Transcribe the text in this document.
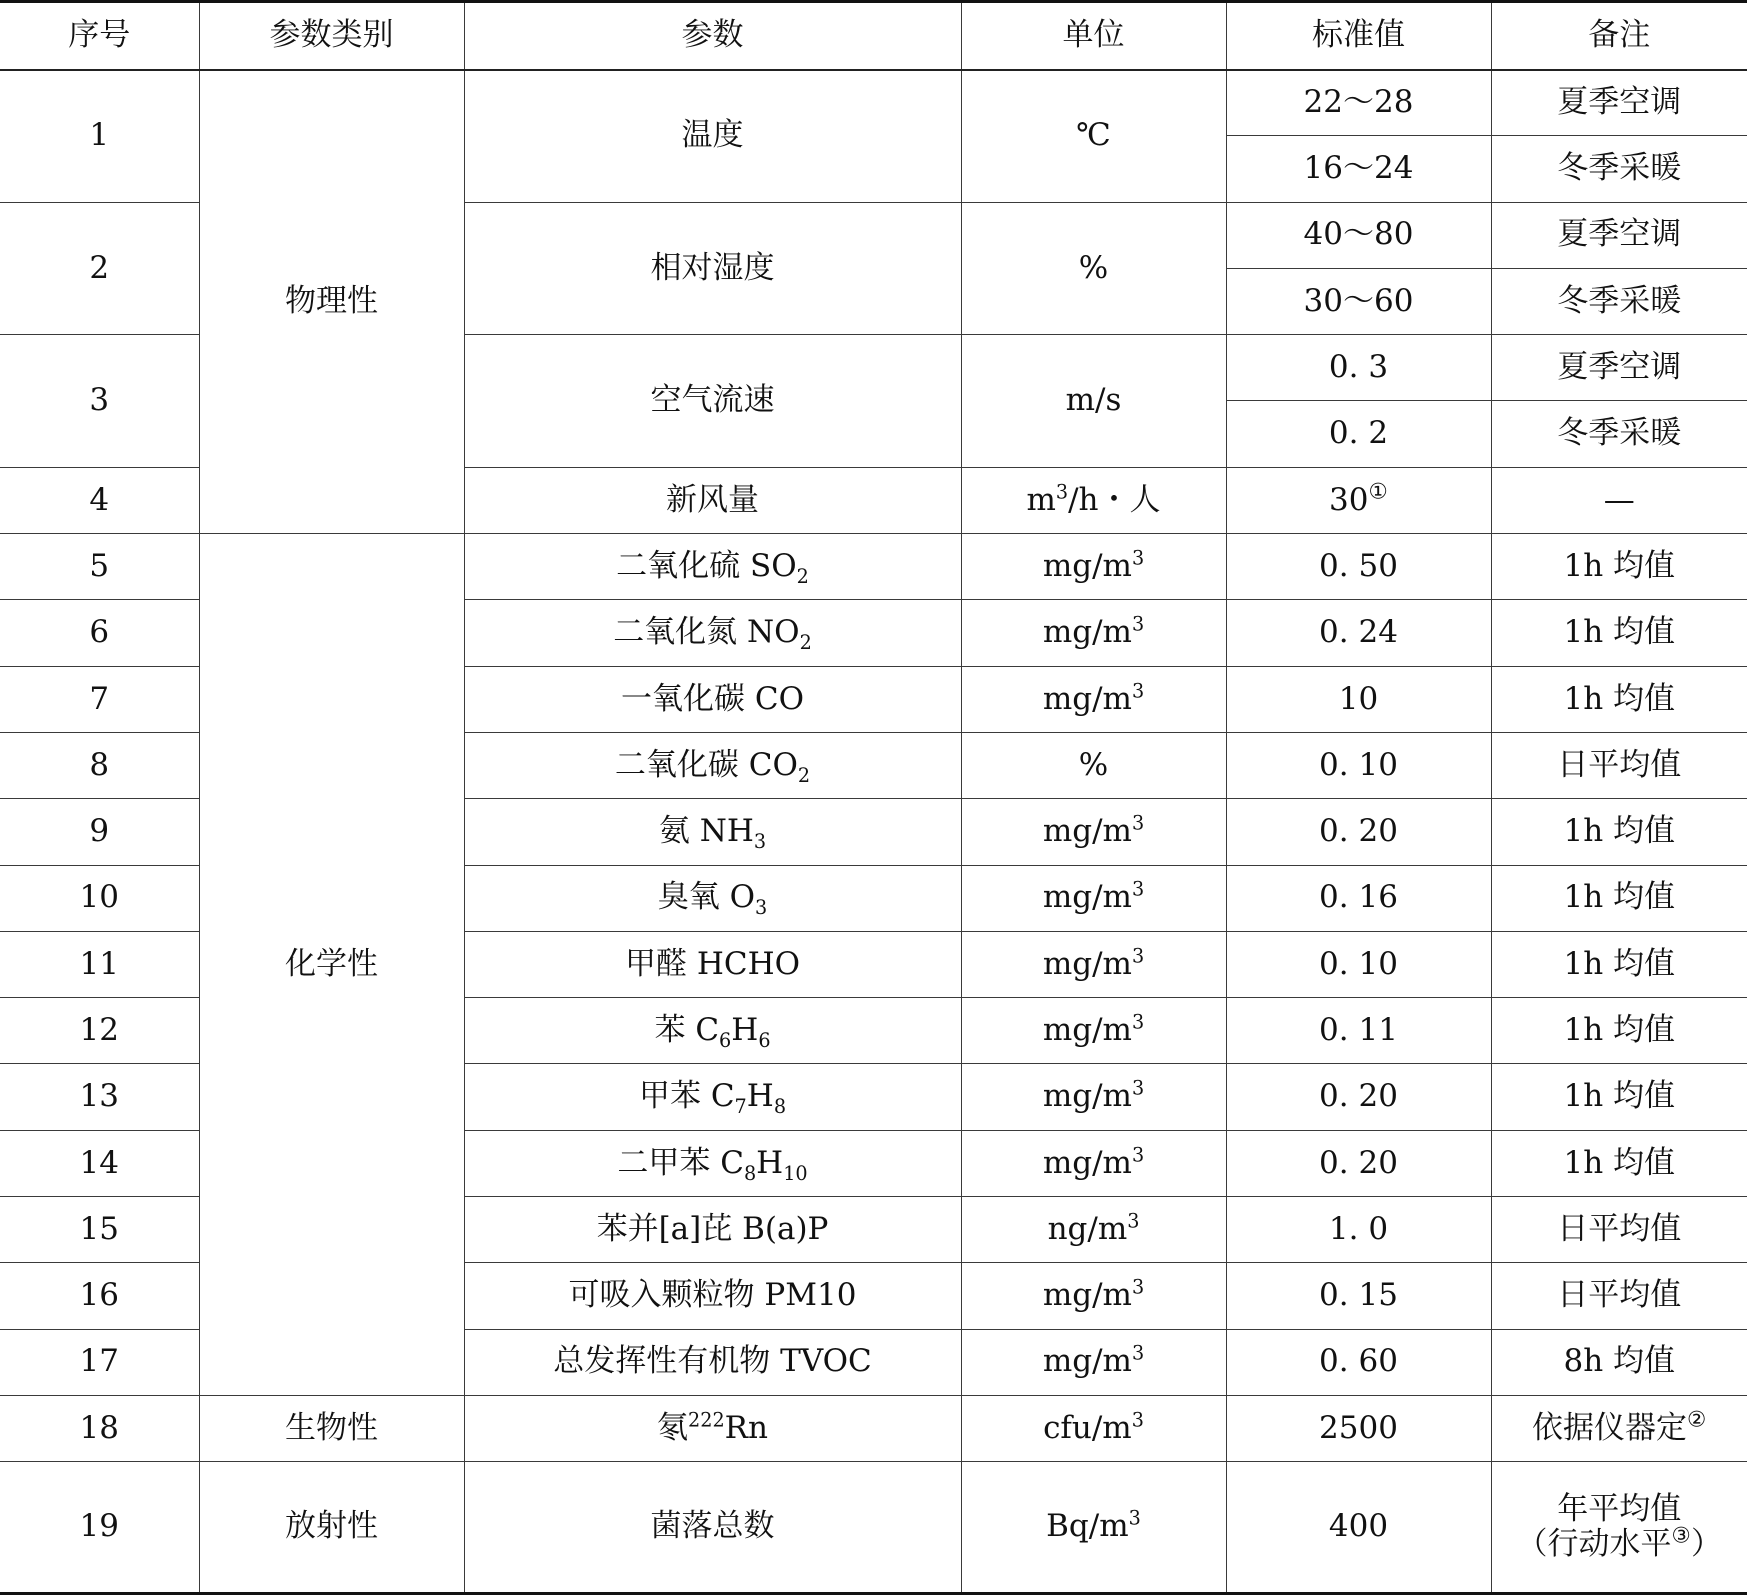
序号	参数类别	参数	单位	标准值	备注
1	物理性	温度	℃	22～28	夏季空调
				16～24	冬季采暖
2		相对湿度	%	40～80	夏季空调
				30～60	冬季采暖
3		空气流速	m/s	0. 3	夏季空调
				0. 2	冬季采暖
4		新风量	$m^3/h$・人	30①	—
5	化学性	二氧化硫 $SO_2$	$mg/m^3$	0. 50	1h 均值
6		二氧化氮 $NO_2$	$mg/m^3$	0. 24	1h 均值
7		一氧化碳 CO	$mg/m^3$	10	1h 均值
8		二氧化碳 $CO_2$	%	0. 10	日平均值
9		氨 $NH_3$	$mg/m^3$	0. 20	1h 均值
10		臭氧 $O_3$	$mg/m^3$	0. 16	1h 均值
11		甲醛 HCHO	$mg/m^3$	0. 10	1h 均值
12		苯 $C_6H_6$	$mg/m^3$	0. 11	1h 均值
13		甲苯 $C_7H_8$	$mg/m^3$	0. 20	1h 均值
14		二甲苯 $C_8H_{10}$	$mg/m^3$	0. 20	1h 均值
15		苯并[a]芘 B(a)P	$ng/m^3$	1. 0	日平均值
16		可吸入颗粒物 PM10	$mg/m^3$	0. 15	日平均值
17		总发挥性有机物 TVOC	$mg/m^3$	0. 60	8h 均值
18	生物性	氡$^{222}$Rn	cfu/$m^3$	2500	依据仪器定②
19	放射性	菌落总数	$Bq/m^3$	400	年平均值
（行动水平③）
